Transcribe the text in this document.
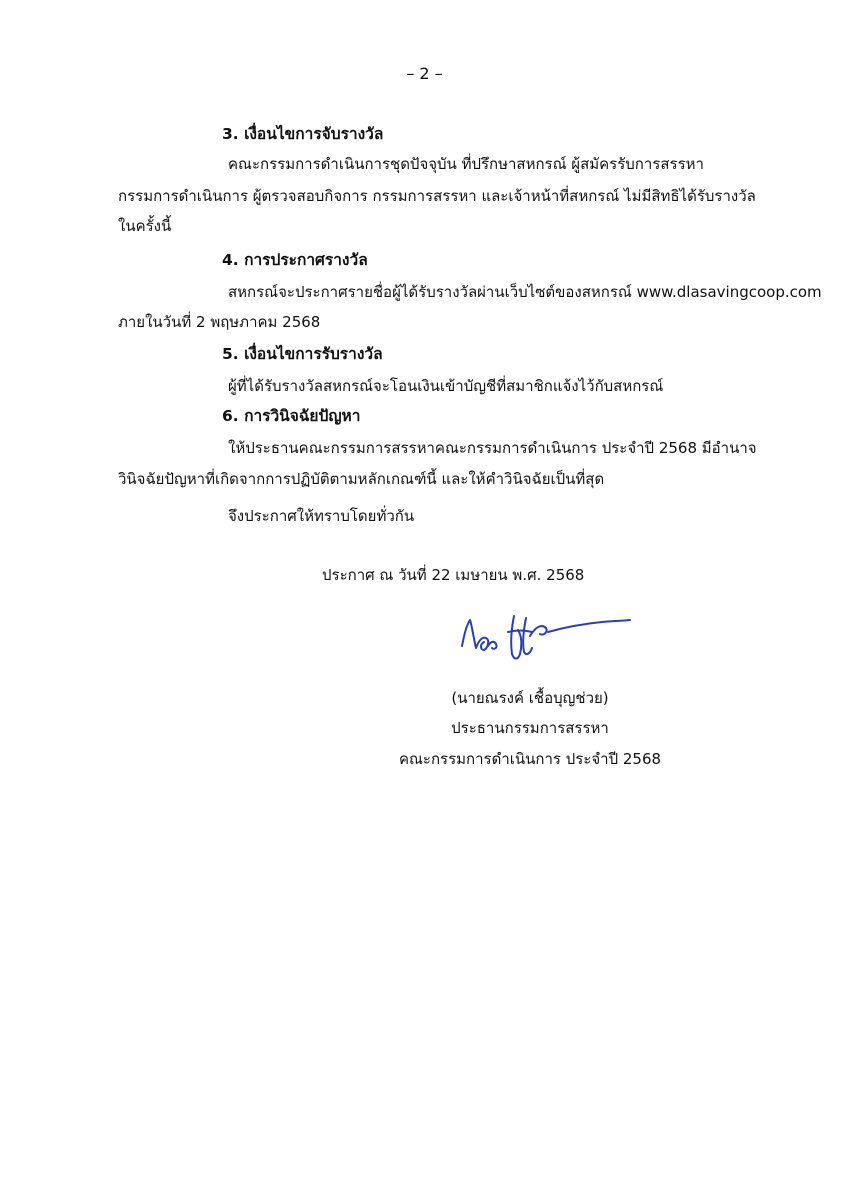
– 2 –
3. เงื่อนไขการจับรางวัล
คณะกรรมการดำเนินการชุดปัจจุบัน ที่ปรึกษาสหกรณ์ ผู้สมัครรับการสรรหา
กรรมการดำเนินการ ผู้ตรวจสอบกิจการ กรรมการสรรหา และเจ้าหน้าที่สหกรณ์ ไม่มีสิทธิได้รับรางวัล
ในครั้งนี้
4. การประกาศรางวัล
สหกรณ์จะประกาศรายชื่อผู้ได้รับรางวัลผ่านเว็บไซต์ของสหกรณ์ www.dlasavingcoop.com
ภายในวันที่ 2 พฤษภาคม 2568
5. เงื่อนไขการรับรางวัล
ผู้ที่ได้รับรางวัลสหกรณ์จะโอนเงินเข้าบัญชีที่สมาชิกแจ้งไว้กับสหกรณ์
6. การวินิจฉัยปัญหา
ให้ประธานคณะกรรมการสรรหาคณะกรรมการดำเนินการ ประจำปี 2568 มีอำนาจ
วินิจฉัยปัญหาที่เกิดจากการปฏิบัติตามหลักเกณฑ์นี้ และให้คำวินิจฉัยเป็นที่สุด
จึงประกาศให้ทราบโดยทั่วกัน
ประกาศ ณ วันที่ 22 เมษายน พ.ศ. 2568
(นายณรงค์ เชื้อบุญช่วย)
ประธานกรรมการสรรหา
คณะกรรมการดำเนินการ ประจำปี 2568
